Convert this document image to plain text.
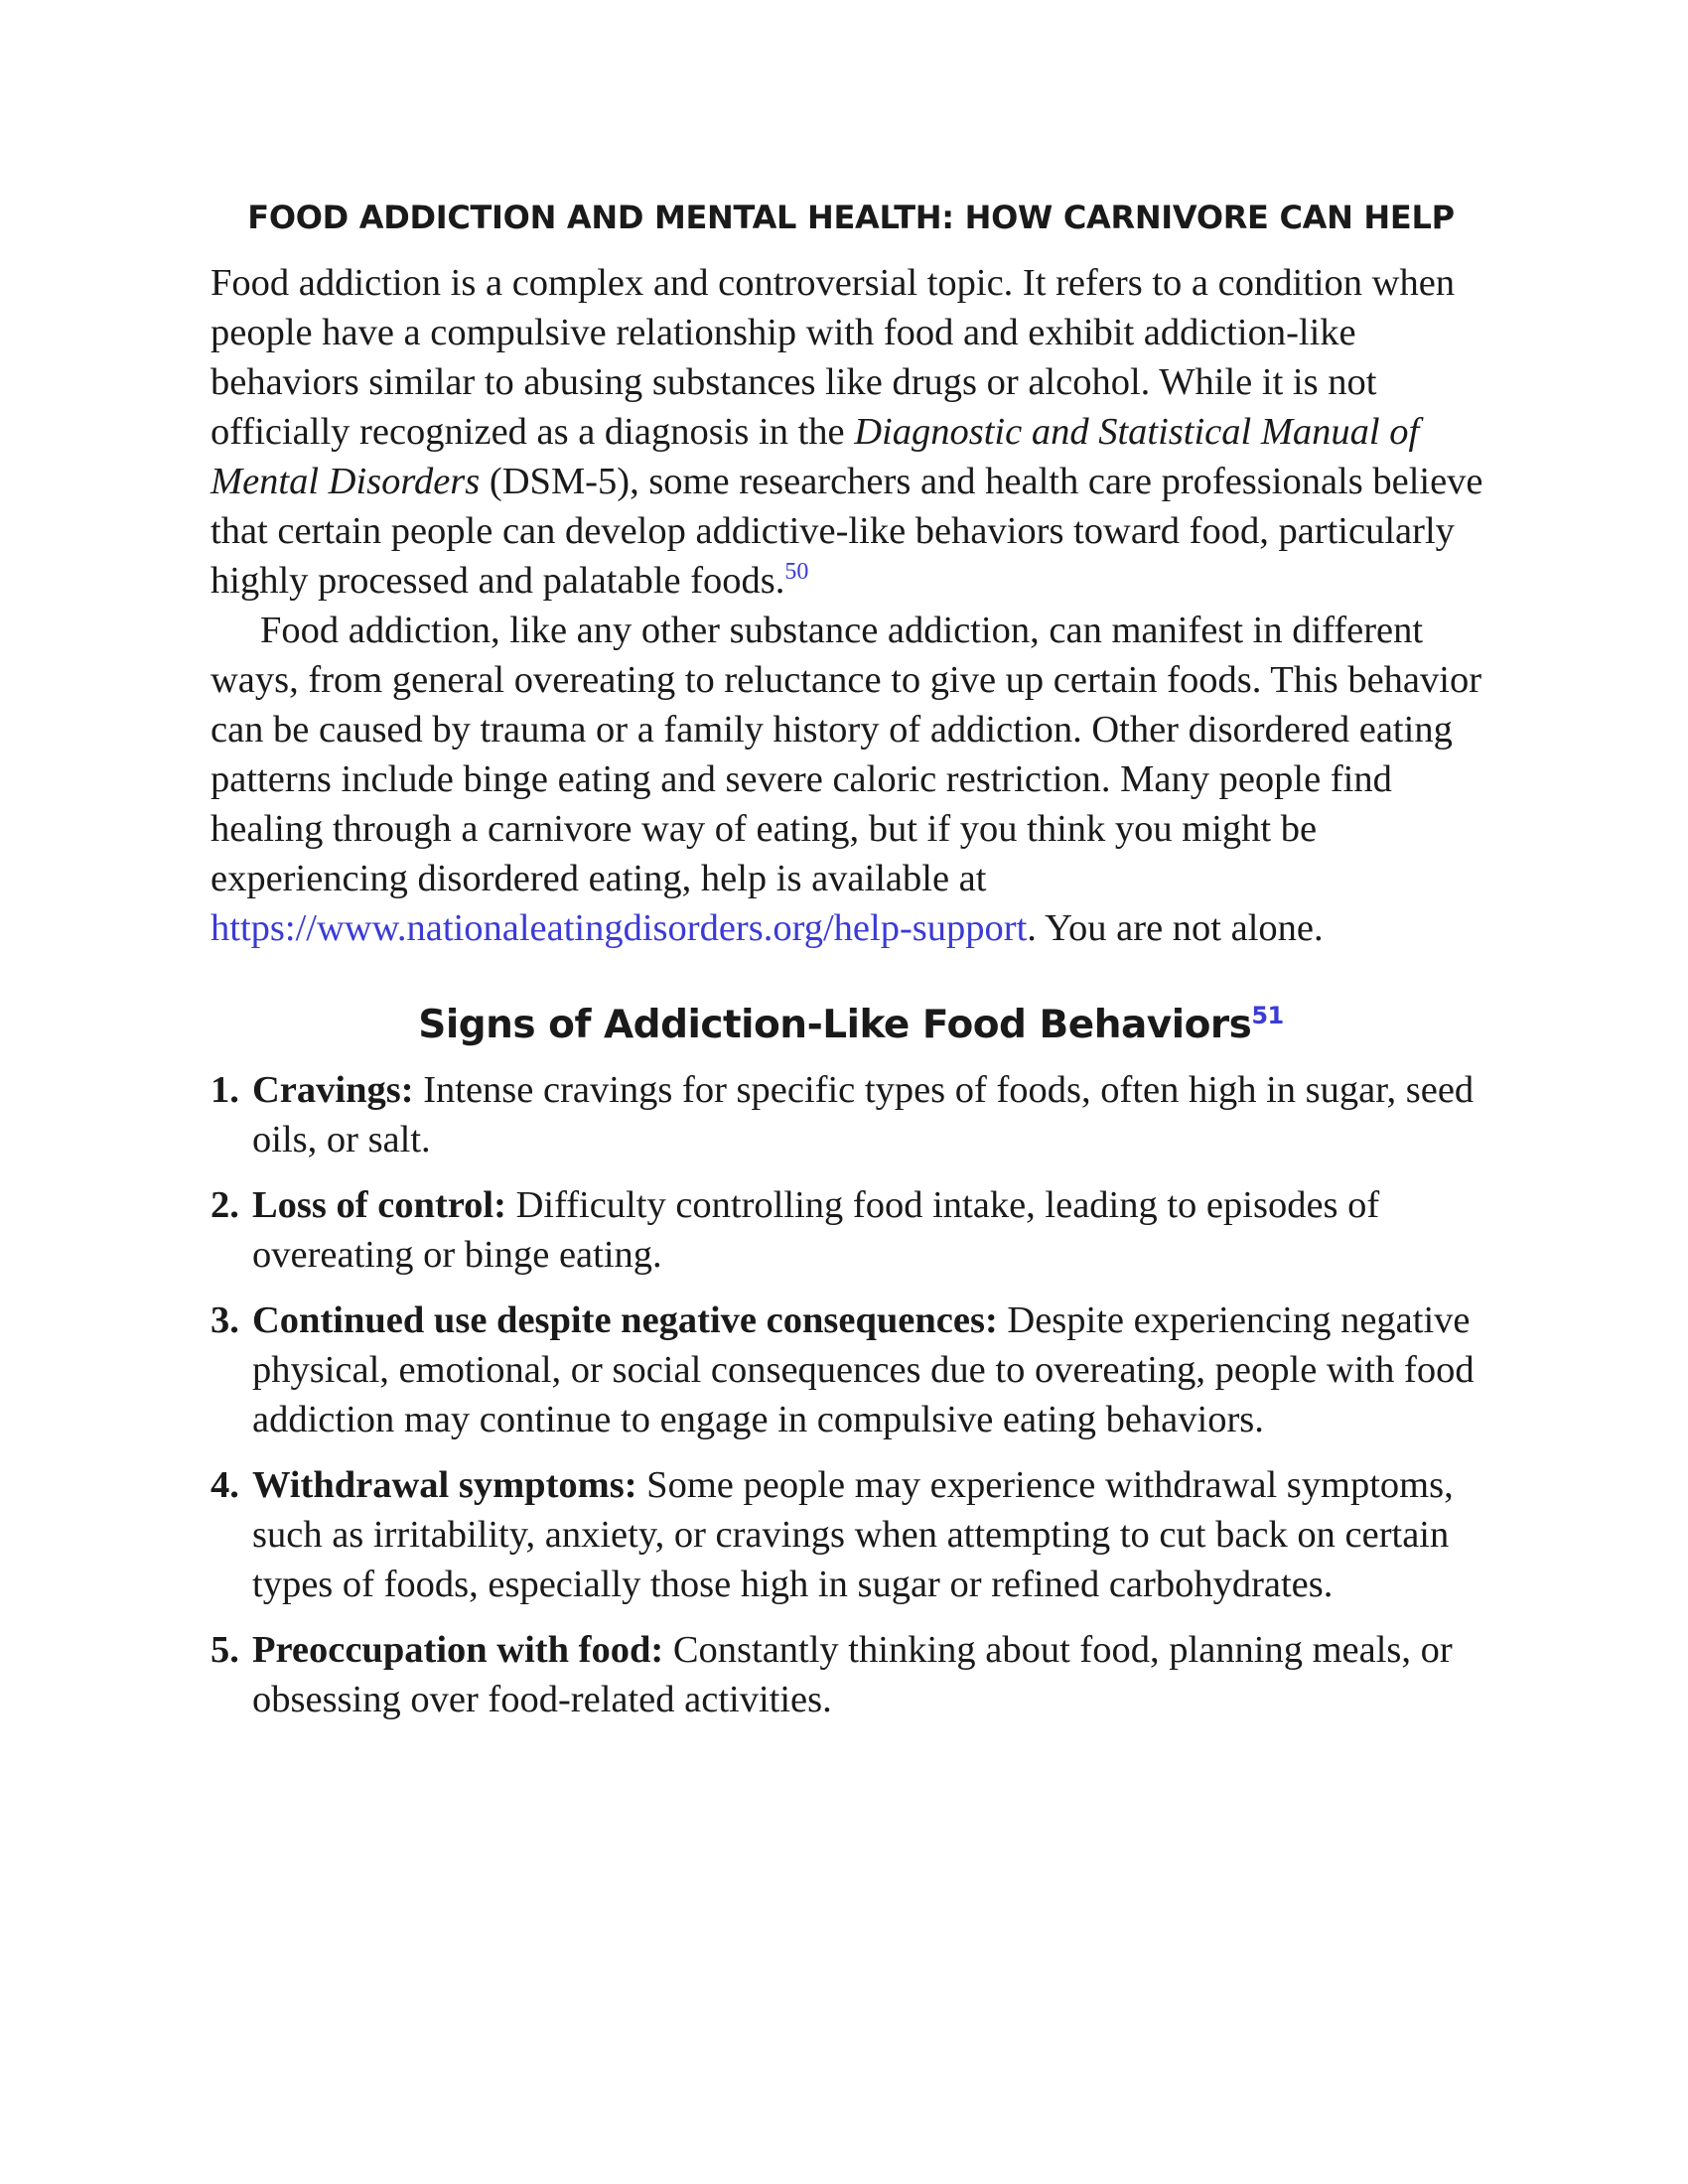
FOOD ADDICTION AND MENTAL HEALTH: HOW CARNIVORE CAN HELP

Food addiction is a complex and controversial topic. It refers to a condition when people have a compulsive relationship with food and exhibit addiction-like behaviors similar to abusing substances like drugs or alcohol. While it is not officially recognized as a diagnosis in the Diagnostic and Statistical Manual of Mental Disorders (DSM-5), some researchers and health care professionals believe that certain people can develop addictive-like behaviors toward food, particularly highly processed and palatable foods.$^{50}$

Food addiction, like any other substance addiction, can manifest in different ways, from general overeating to reluctance to give up certain foods. This behavior can be caused by trauma or a family history of addiction. Other disordered eating patterns include binge eating and severe caloric restriction. Many people find healing through a carnivore way of eating, but if you think you might be experiencing disordered eating, help is available at https://www.nationaleatingdisorders.org/help-support. You are not alone.

Signs of Addiction-Like Food Behaviors$^{51}$
1. Cravings: Intense cravings for specific types of foods, often high in sugar, seed oils, or salt.
2. Loss of control: Difficulty controlling food intake, leading to episodes of overeating or binge eating.
3. Continued use despite negative consequences: Despite experiencing negative physical, emotional, or social consequences due to overeating, people with food addiction may continue to engage in compulsive eating behaviors.
4. Withdrawal symptoms: Some people may experience withdrawal symptoms, such as irritability, anxiety, or cravings when attempting to cut back on certain types of foods, especially those high in sugar or refined carbohydrates.
5. Preoccupation with food: Constantly thinking about food, planning meals, or obsessing over food-related activities.
